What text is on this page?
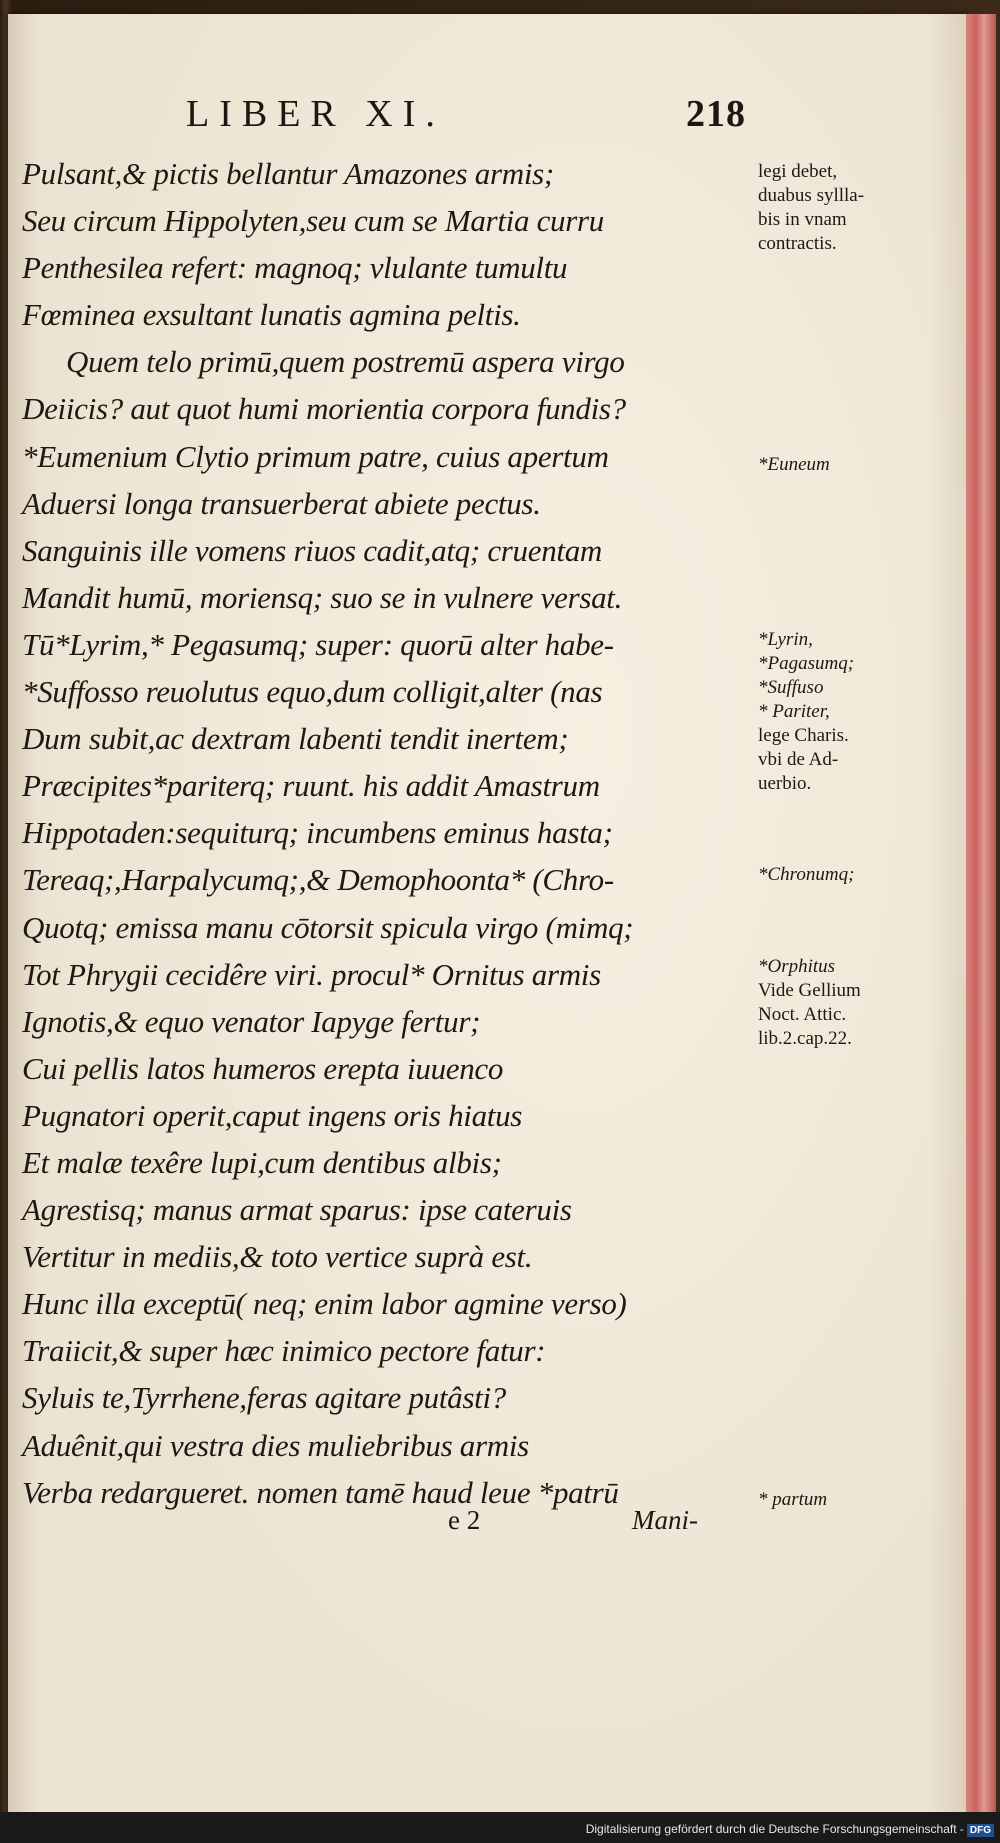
LIBER XI.	218
Pulsant,& pictis bellantur Amazones armis;
Seu circum Hippolyten,seu cum se Martia curru
Penthesilea refert: magnoq; vlulante tumultu
Fœminea exsultant lunatis agmina peltis.
Quem telo primū,quem postremū aspera virgo
Deiicis? aut quot humi morientia corpora fundis?
*Eumenium Clytio primum patre, cuius apertum
Aduersi longa transuerberat abiete pectus.
Sanguinis ille vomens riuos cadit,atq; cruentam
Mandit humū, moriensq; suo se in vulnere versat.
Tū*Lyrim,* Pegasumq; super: quorū alter habe-
*Suffosso reuolutus equo,dum colligit,alter (nas
Dum subit,ac dextram labenti tendit inertem;
Præcipites*pariterq; ruunt. his addit Amastrum
Hippotaden:sequiturq; incumbens eminus hasta;
Tereaq;,Harpalycumq;,& Demophoonta* (Chro-
Quotq; emissa manu cōtorsit spicula virgo (mimq;
Tot Phrygii cecidêre viri. procul* Ornitus armis
Ignotis,& equo venator Iapyge fertur;
Cui pellis latos humeros erepta iuuenco
Pugnatori operit,caput ingens oris hiatus
Et malæ texêre lupi,cum dentibus albis;
Agrestisq; manus armat sparus: ipse cateruis
Vertitur in mediis,& toto vertice suprà est.
Hunc illa exceptū( neq; enim labor agmine verso)
Traiicit,& super hæc inimico pectore fatur:
Syluis te,Tyrrhene,feras agitare putâsti?
Aduênit,qui vestra dies muliebribus armis
Verba redargueret. nomen tamē haud leue *patrū
legi debet,
duabus syllla-
bis in vnam
contractis.
*Euneum
*Lyrin,
*Pagasumq;
*Suffuso
* Pariter,
lege Charis.
vbi de Ad-
uerbio.
*Chronumq;
*Orphitus
Vide Gellium
Noct. Attic.
lib.2.cap.22.
* partum
e 2	Mani-
Digitalisierung gefördert durch die Deutsche Forschungsgemeinschaft - DFG
